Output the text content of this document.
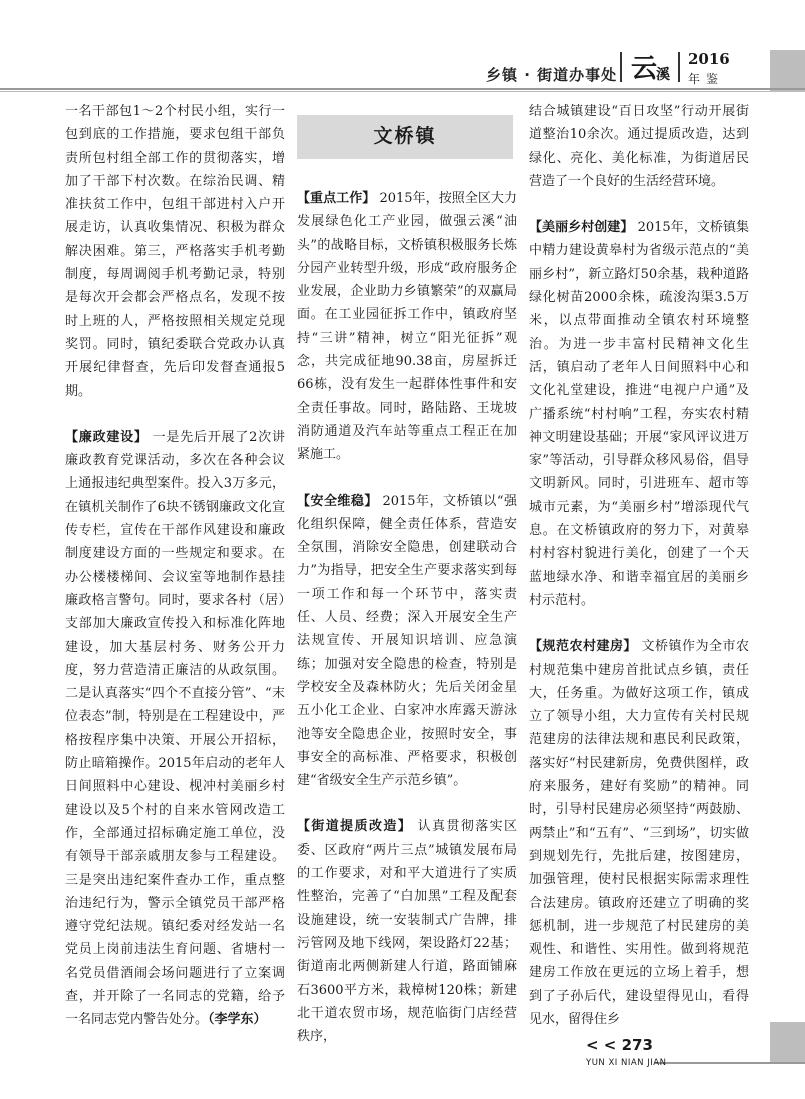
乡镇 · 街道办事处 云
溪
2016
年鉴

一名干部包1～2个村民小组，实行一包到底的工作措施，要求包组干部负责所包村组全部工作的贯彻落实，增加了干部下村次数。在综治民调、精准扶贫工作中，包组干部进村入户开展走访，认真收集情况、积极为群众解决困难。第三，严格落实手机考勤制度，每周调阅手机考勤记录，特别是每次开会都会严格点名，发现不按时上班的人，严格按照相关规定兑现奖罚。同时，镇纪委联合党政办认真开展纪律督查，先后印发督查通报5期。

【廉政建设】 一是先后开展了2次讲廉政教育党课活动，多次在各种会议上通报违纪典型案件。投入3万多元，在镇机关制作了6块不锈钢廉政文化宣传专栏，宣传在干部作风建设和廉政制度建设方面的一些规定和要求。在办公楼楼梯间、会议室等地制作悬挂廉政格言警句。同时，要求各村（居）支部加大廉政宣传投入和标准化阵地建设，加大基层村务、财务公开力度，努力营造清正廉洁的从政氛围。二是认真落实“四个不直接分管”、“末位表态”制，特别是在工程建设中，严格按程序集中决策、开展公开招标，防止暗箱操作。2015年启动的老年人日间照料中心建设、枧冲村美丽乡村建设以及5个村的自来水管网改造工作，全部通过招标确定施工单位，没有领导干部亲戚朋友参与工程建设。三是突出违纪案件查办工作，重点整治违纪行为，警示全镇党员干部严格遵守党纪法规。镇纪委对经发站一名党员上岗前违法生育问题、省塘村一名党员借酒闹会场问题进行了立案调查，并开除了一名同志的党籍，给予一名同志党内警告处分。（李学东）

文桥镇

【重点工作】 2015年，按照全区大力发展绿色化工产业园，做强云溪“油头”的战略目标，文桥镇积极服务长炼分园产业转型升级，形成“政府服务企业发展，企业助力乡镇繁荣”的双赢局面。在工业园征拆工作中，镇政府坚持“三讲”精神，树立“阳光征拆”观念，共完成征地90.38亩，房屋拆迁66栋，没有发生一起群体性事件和安全责任事故。同时，路陆路、王垅坡消防通道及汽车站等重点工程正在加紧施工。

【安全维稳】 2015年，文桥镇以“强化组织保障，健全责任体系，营造安全氛围，消除安全隐患，创建联动合力”为指导，把安全生产要求落实到每一项工作和每一个环节中，落实责任、人员、经费；深入开展安全生产法规宣传、开展知识培训、应急演练；加强对安全隐患的检查，特别是学校安全及森林防火；先后关闭金星五小化工企业、白家冲水库露天游泳池等安全隐患企业，按照时安全，事事安全的高标准、严格要求，积极创建“省级安全生产示范乡镇”。

【街道提质改造】 认真贯彻落实区委、区政府“两片三点”城镇发展布局的工作要求，对和平大道进行了实质性整治，完善了“白加黑”工程及配套设施建设，统一安装制式广告牌，排污管网及地下线网，架设路灯22基；街道南北两侧新建人行道，路面铺麻石3600平方米，栽樟树120株；新建北干道农贸市场，规范临街门店经营秩序，

结合城镇建设“百日攻坚”行动开展街道整治10余次。通过提质改造，达到绿化、亮化、美化标准，为街道居民营造了一个良好的生活经营环境。

【美丽乡村创建】 2015年，文桥镇集中精力建设黄皋村为省级示范点的“美丽乡村”，新立路灯50余基，栽种道路绿化树苗2000余株，疏浚沟渠3.5万米，以点带面推动全镇农村环境整治。为进一步丰富村民精神文化生活，镇启动了老年人日间照料中心和文化礼堂建设，推进“电视户户通”及广播系统“村村响”工程，夯实农村精神文明建设基础；开展“家风评议进万家”等活动，引导群众移风易俗，倡导文明新风。同时，引进班车、超市等城市元素，为“美丽乡村”增添现代气息。在文桥镇政府的努力下，对黄皋村村容村貌进行美化，创建了一个天蓝地绿水净、和谐幸福宜居的美丽乡村示范村。

【规范农村建房】 文桥镇作为全市农村规范集中建房首批试点乡镇，责任大，任务重。为做好这项工作，镇成立了领导小组，大力宣传有关村民规范建房的法律法规和惠民利民政策，落实好“村民建新房，免费供图样，政府来服务，建好有奖励”的精神。同时，引导村民建房必须坚持“两鼓励、两禁止”和“五有”、“三到场”，切实做到规划先行，先批后建，按图建房，加强管理，使村民根据实际需求理性合法建房。镇政府还建立了明确的奖惩机制，进一步规范了村民建房的美观性、和谐性、实用性。做到将规范建房工作放在更远的立场上着手，想到了子孙后代，建设望得见山，看得见水，留得住乡

< < 273
YUN XI NIAN JIAN
